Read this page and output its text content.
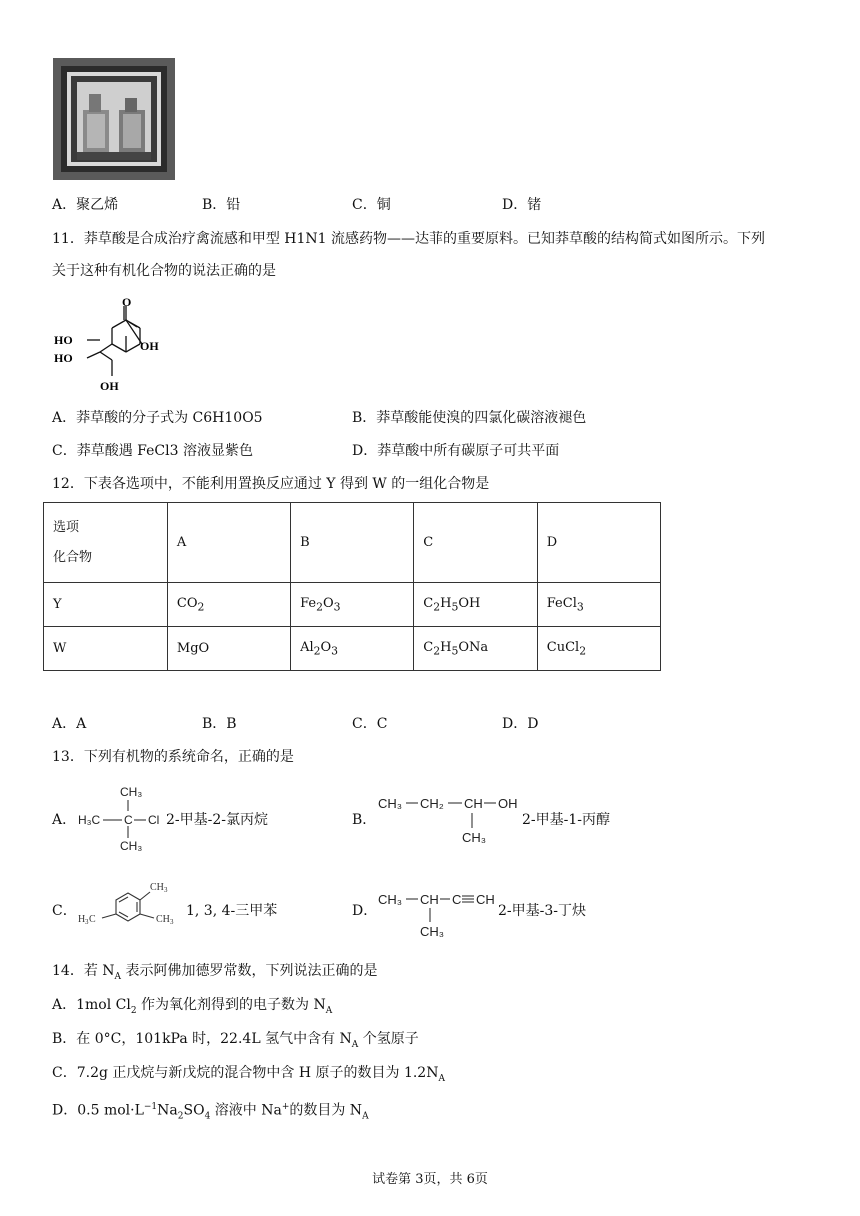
A．聚乙烯	B．铅	C．铜	D．锗
11．莽草酸是合成治疗禽流感和甲型 H1N1 流感药物——达菲的重要原料。已知莽草酸的结构简式如图所示。下列
关于这种有机化合物的说法正确的是
O
HO
HO
OH
OH
A．莽草酸的分子式为 C6H10O5	B．莽草酸能使溴的四氯化碳溶液褪色
C．莽草酸遇 FeCl3 溶液显紫色	D．莽草酸中所有碳原子可共平面
12．下表各选项中，不能利用置换反应通过 Y 得到 W 的一组化合物是
选项
化合物	A	B	C	D
Y	$CO_2$	$Fe_2O_3$	$C_2H_5OH$	FeCl$_3$
W	MgO	$Al_2O_3$	$C_2H_5ONa$	CuCl$_2$
A．A	B．B	C．C	D．D
13．下列有机物的系统命名，正确的是
A．
CH₃
H₃C C Cl
CH₃
2-甲基-2-氯丙烷	B．
CH₃ CH₂ CH OH
CH₃
2-甲基-1-丙醇
C．
CH 3
CH 3
H 3 C
1, 3, 4-三甲苯	D．
CH₃ CH C CH
CH₃
2-甲基-3-丁炔
14．若 $N_A$ 表示阿佛加德罗常数，下列说法正确的是
A．1mol $Cl_2$ 作为氧化剂得到的电子数为 $N_A$
B．在 0°C，101kPa 时，22.4L 氢气中含有 $N_A$ 个氢原子
C．7.2g 正戊烷与新戊烷的混合物中含 H 原子的数目为 $1.2N_A$
D．0.5 $mol\cdot L^{-1}Na_2SO_4$ 溶液中 Na+的数目为 $N_A$
试卷第 3页，共 6页
